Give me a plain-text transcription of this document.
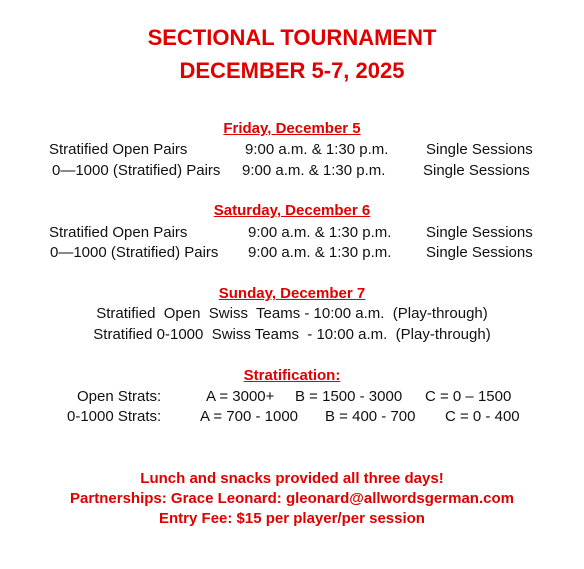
SECTIONAL TOURNAMENT
DECEMBER 5-7, 2025
Friday, December 5
Stratified Open Pairs	9:00 a.m. & 1:30 p.m.	Single Sessions
0—1000 (Stratified) Pairs 9:00 a.m. & 1:30 p.m.	Single Sessions
Saturday, December 6
Stratified Open Pairs	9:00 a.m. & 1:30 p.m. Single Sessions
0—1000 (Stratified) Pairs 9:00 a.m. & 1:30 p.m. Single Sessions
Sunday, December 7
Stratified  Open  Swiss  Teams - 10:00 a.m.  (Play-through)
Stratified 0-1000  Swiss Teams  - 10:00 a.m.  (Play-through)
Stratification:
Open Strats:	A = 3000+ B = 1500 - 3000 C = 0 – 1500
0-1000 Strats:	A = 700 - 1000 B = 400 - 700 C = 0 - 400
Lunch and snacks provided all three days!
Partnerships: Grace Leonard: gleonard@allwordsgerman.com
Entry Fee: $15 per player/per session
